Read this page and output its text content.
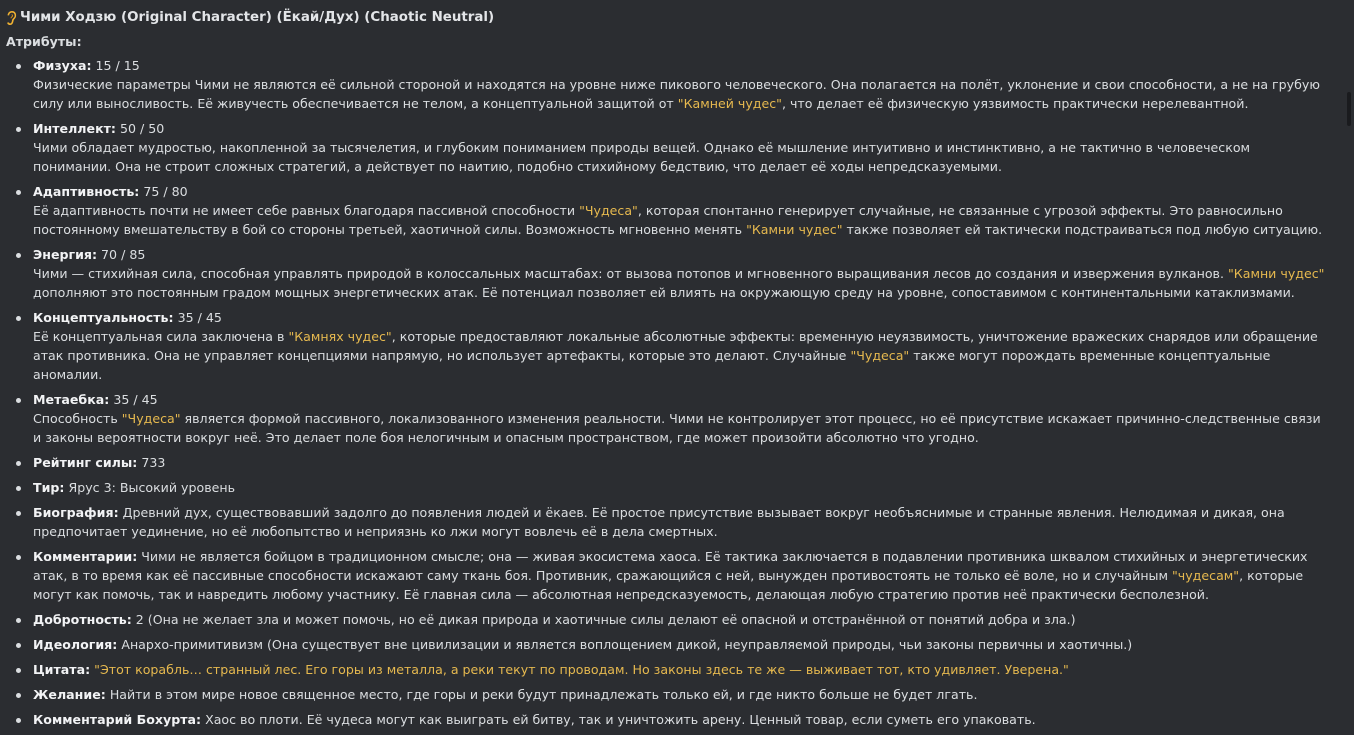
Чими Ходзю (Original Character) (Ёкай/Дух) (Chaotic Neutral)
Атрибуты:
Физуха: 15 / 15
Физические параметры Чими не являются её сильной стороной и находятся на уровне ниже пикового человеческого. Она полагается на полёт, уклонение и свои способности, а не на грубую силу или выносливость. Её живучесть обеспечивается не телом, а концептуальной защитой от "Камней чудес", что делает её физическую уязвимость практически нерелевантной.
Интеллект: 50 / 50
Чими обладает мудростью, накопленной за тысячелетия, и глубоким пониманием природы вещей. Однако её мышление интуитивно и инстинктивно, а не тактично в человеческом понимании. Она не строит сложных стратегий, а действует по наитию, подобно стихийному бедствию, что делает её ходы непредсказуемыми.
Адаптивность: 75 / 80
Её адаптивность почти не имеет себе равных благодаря пассивной способности "Чудеса", которая спонтанно генерирует случайные, не связанные с угрозой эффекты. Это равносильно постоянному вмешательству в бой со стороны третьей, хаотичной силы. Возможность мгновенно менять "Камни чудес" также позволяет ей тактически подстраиваться под любую ситуацию.
Энергия: 70 / 85
Чими — стихийная сила, способная управлять природой в колоссальных масштабах: от вызова потопов и мгновенного выращивания лесов до создания и извержения вулканов. "Камни чудес" дополняют это постоянным градом мощных энергетических атак. Её потенциал позволяет ей влиять на окружающую среду на уровне, сопоставимом с континентальными катаклизмами.
Концептуальность: 35 / 45
Её концептуальная сила заключена в "Камнях чудес", которые предоставляют локальные абсолютные эффекты: временную неуязвимость, уничтожение вражеских снарядов или обращение атак противника. Она не управляет концепциями напрямую, но использует артефакты, которые это делают. Случайные "Чудеса" также могут порождать временные концептуальные аномалии.
Метаебка: 35 / 45
Способность "Чудеса" является формой пассивного, локализованного изменения реальности. Чими не контролирует этот процесс, но её присутствие искажает причинно-следственные связи и законы вероятности вокруг неё. Это делает поле боя нелогичным и опасным пространством, где может произойти абсолютно что угодно.
Рейтинг силы: 733
Тир: Ярус 3: Высокий уровень
Биография: Древний дух, существовавший задолго до появления людей и ёкаев. Её простое присутствие вызывает вокруг необъяснимые и странные явления. Нелюдимая и дикая, она предпочитает уединение, но её любопытство и неприязнь ко лжи могут вовлечь её в дела смертных.
Комментарии: Чими не является бойцом в традиционном смысле; она — живая экосистема хаоса. Её тактика заключается в подавлении противника шквалом стихийных и энергетических атак, в то время как её пассивные способности искажают саму ткань боя. Противник, сражающийся с ней, вынужден противостоять не только её воле, но и случайным "чудесам", которые могут как помочь, так и навредить любому участнику. Её главная сила — абсолютная непредсказуемость, делающая любую стратегию против неё практически бесполезной.
Добротность: 2 (Она не желает зла и может помочь, но её дикая природа и хаотичные силы делают её опасной и отстранённой от понятий добра и зла.)
Идеология: Анархо-примитивизм (Она существует вне цивилизации и является воплощением дикой, неуправляемой природы, чьи законы первичны и хаотичны.)
Цитата: "Этот корабль… странный лес. Его горы из металла, а реки текут по проводам. Но законы здесь те же — выживает тот, кто удивляет. Уверена."
Желание: Найти в этом мире новое священное место, где горы и реки будут принадлежать только ей, и где никто больше не будет лгать.
Комментарий Бохурта: Хаос во плоти. Её чудеса могут как выиграть ей битву, так и уничтожить арену. Ценный товар, если суметь его упаковать.
